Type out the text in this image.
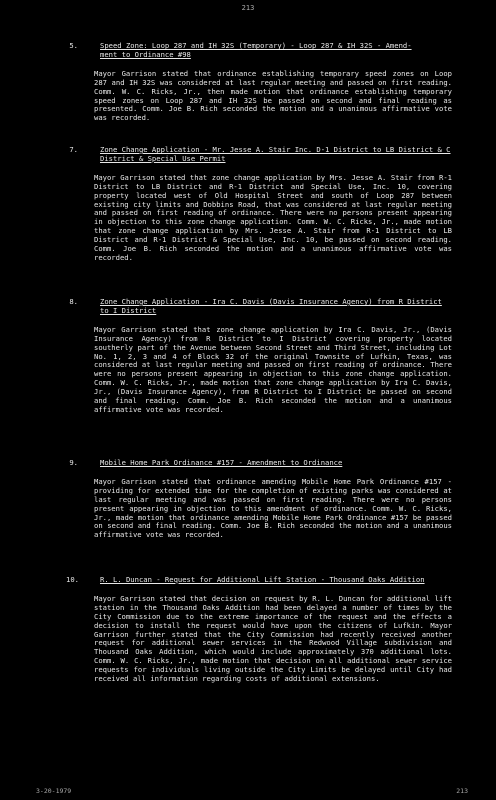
213
5.	Speed Zone: Loop 287 and IH 32S (Temporary) - Loop 287 & IH 32S - Amend-
ment to Ordinance #98

Mayor Garrison stated that ordinance establishing temporary speed zones on Loop 287 and IH 32S was considered at last regular meeting and passed on first reading. Comm. W. C. Ricks, Jr., then made motion that ordinance establishing temporary speed zones on Loop 287 and IH 32S be passed on second and final reading as presented. Comm. Joe B. Rich seconded the motion and a unanimous affirmative vote was recorded.

7.	Zone Change Application - Mr. Jesse A. Stair Inc. D-1 District to LB District & C District & Special Use Permit

Mayor Garrison stated that zone change application by Mrs. Jesse A. Stair from R-1 District to LB District and R-1 District and Special Use, Inc. 10, covering property located west of Old Hospital Street and south of Loop 287 between existing city limits and Dobbins Road, that was considered at last regular meeting and passed on first reading of ordinance. There were no persons present appearing in objection to this zone change application. Comm. W. C. Ricks, Jr., made motion that zone change application by Mrs. Jesse A. Stair from R-1 District to LB District and R-1 District & Special Use, Inc. 10, be passed on second reading. Comm. Joe B. Rich seconded the motion and a unanimous affirmative vote was recorded.

8.	Zone Change Application - Ira C. Davis (Davis Insurance Agency) from R District to I District

Mayor Garrison stated that zone change application by Ira C. Davis, Jr., (Davis Insurance Agency) from R District to I District covering property located southerly part of the Avenue between Second Street and Third Street, including Lot No. 1, 2, 3 and 4 of Block 32 of the original Townsite of Lufkin, Texas, was considered at last regular meeting and passed on first reading of ordinance. There were no persons present appearing in objection to this zone change application. Comm. W. C. Ricks, Jr., made motion that zone change application by Ira C. Davis, Jr., (Davis Insurance Agency), from R District to I District be passed on second and final reading. Comm. Joe B. Rich seconded the motion and a unanimous affirmative vote was recorded.

9.	Mobile Home Park Ordinance #157 - Amendment to Ordinance

Mayor Garrison stated that ordinance amending Mobile Home Park Ordinance #157 - providing for extended time for the completion of existing parks was considered at last regular meeting and was passed on first reading. There were no persons present appearing in objection to this amendment of ordinance. Comm. W. C. Ricks, Jr., made motion that ordinance amending Mobile Home Park Ordinance #157 be passed on second and final reading. Comm. Joe B. Rich seconded the motion and a unanimous affirmative vote was recorded.

10.	R. L. Duncan - Request for Additional Lift Station - Thousand Oaks Addition

Mayor Garrison stated that decision on request by R. L. Duncan for additional lift station in the Thousand Oaks Addition had been delayed a number of times by the City Commission due to the extreme importance of the request and the effects a decision to install the request would have upon the citizens of Lufkin. Mayor Garrison further stated that the City Commission had recently received another request for additional sewer services in the Redwood Village subdivision and Thousand Oaks Addition, which would include approximately 370 additional lots. Comm. W. C. Ricks, Jr., made motion that decision on all additional sewer service requests for individuals living outside the City Limits be delayed until City had received all information regarding costs of additional extensions.

3-20-1979	213
